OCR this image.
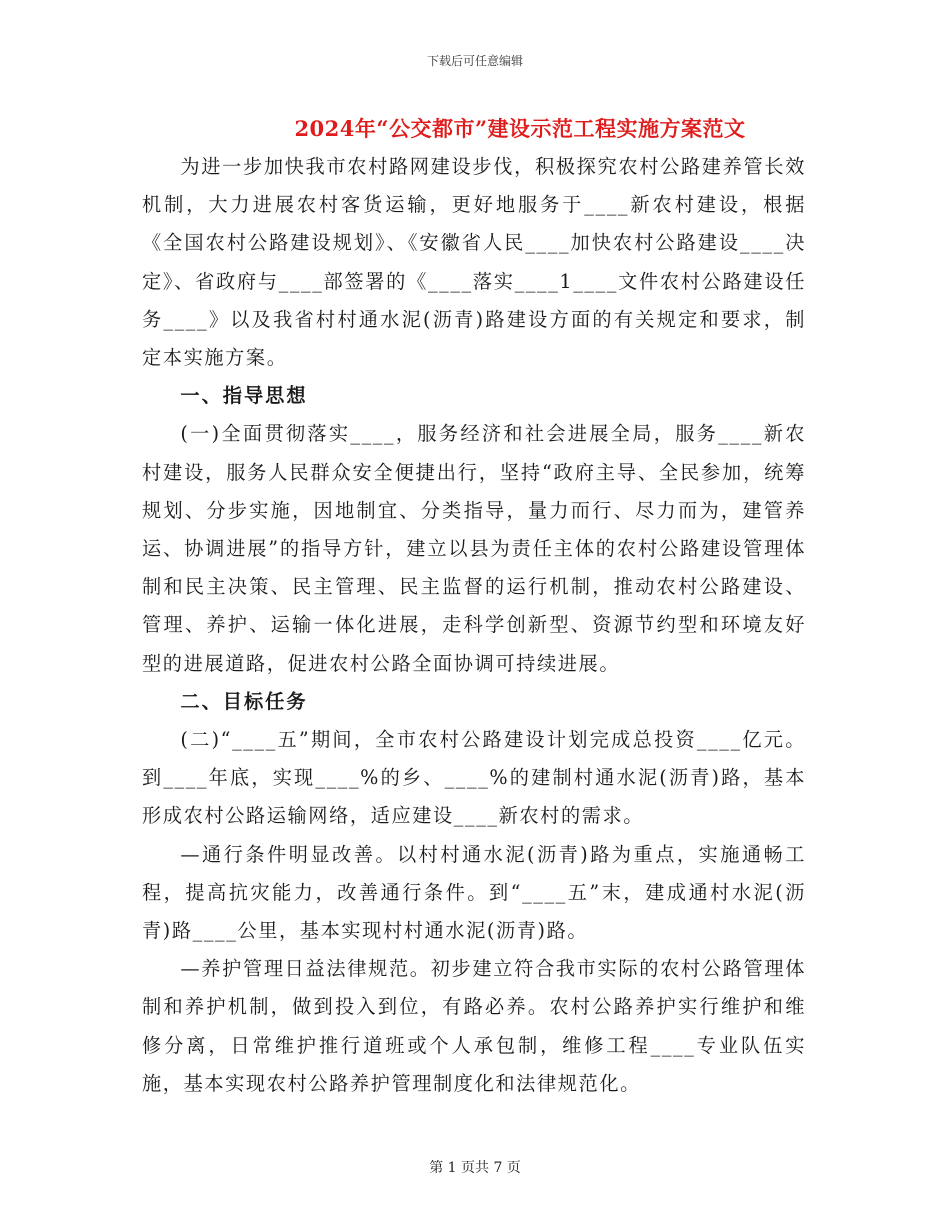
下载后可任意编辑
2024年“公交都市”建设示范工程实施方案范文

为进一步加快我市农村路网建设步伐，积极探究农村公路建养管长效机制，大力进展农村客货运输，更好地服务于____新农村建设，根据《全国农村公路建设规划》、《安徽省人民____加快农村公路建设____决定》、省政府与____部签署的《____落实____1____文件农村公路建设任务____》以及我省村村通水泥(沥青)路建设方面的有关规定和要求，制定本实施方案。

一、指导思想

(一)全面贯彻落实____，服务经济和社会进展全局，服务____新农村建设，服务人民群众安全便捷出行，坚持“政府主导、全民参加，统筹规划、分步实施，因地制宜、分类指导，量力而行、尽力而为，建管养运、协调进展”的指导方针，建立以县为责任主体的农村公路建设管理体制和民主决策、民主管理、民主监督的运行机制，推动农村公路建设、管理、养护、运输一体化进展，走科学创新型、资源节约型和环境友好型的进展道路，促进农村公路全面协调可持续进展。

二、目标任务

(二)“____五”期间，全市农村公路建设计划完成总投资____亿元。到____年底，实现____%的乡、____%的建制村通水泥(沥青)路，基本形成农村公路运输网络，适应建设____新农村的需求。

—通行条件明显改善。以村村通水泥(沥青)路为重点，实施通畅工程，提高抗灾能力，改善通行条件。到“____五”末，建成通村水泥(沥青)路____公里，基本实现村村通水泥(沥青)路。

—养护管理日益法律规范。初步建立符合我市实际的农村公路管理体制和养护机制，做到投入到位，有路必养。农村公路养护实行维护和维修分离，日常维护推行道班或个人承包制，维修工程____专业队伍实施，基本实现农村公路养护管理制度化和法律规范化。

第 1 页共 7 页
